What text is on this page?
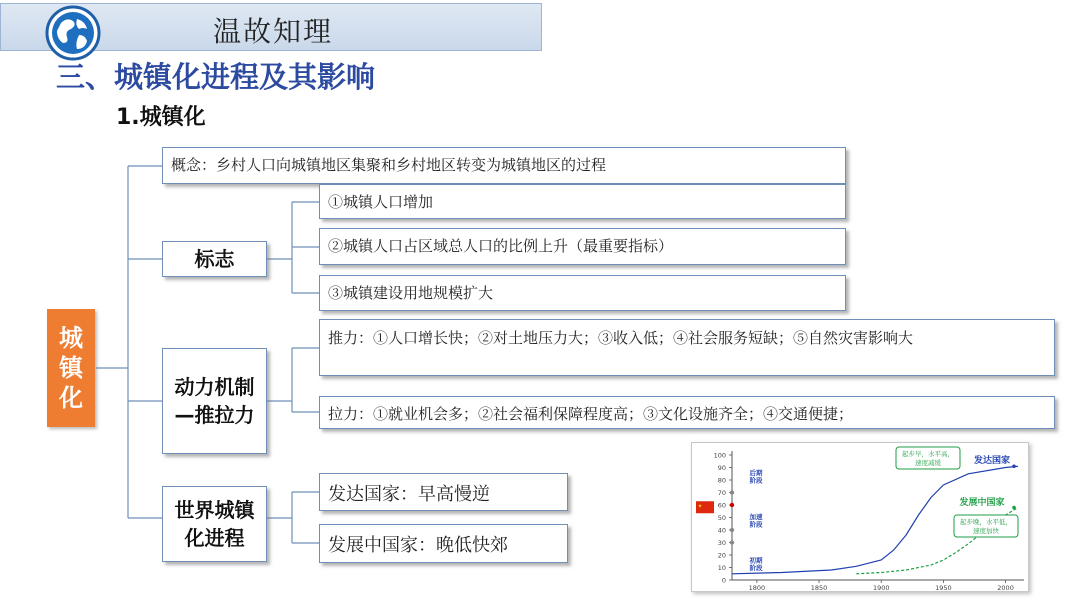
温故知理
三、城镇化进程及其影响
1.城镇化
城镇化
概念：乡村人口向城镇地区集聚和乡村地区转变为城镇地区的过程
标志
①城镇人口增加
②城镇人口占区域总人口的比例上升（最重要指标）
③城镇建设用地规模扩大
动力机制—推拉力
推力：①人口增长快；②对土地压力大；③收入低；④社会服务短缺；⑤自然灾害影响大
拉力：①就业机会多；②社会福利保障程度高；③文化设施齐全；④交通便捷；
世界城镇化进程
发达国家：早高慢逆
发展中国家：晚低快郊
0
10
20
30
40
50
60
70
80
90
100
1800	1850	1900	1950	2000
后期
阶段
加速
阶段
初期
阶段
★
发达国家
发展中国家
起步早，水平高，
速度减缓
起步晚，水平低，
速度加快
